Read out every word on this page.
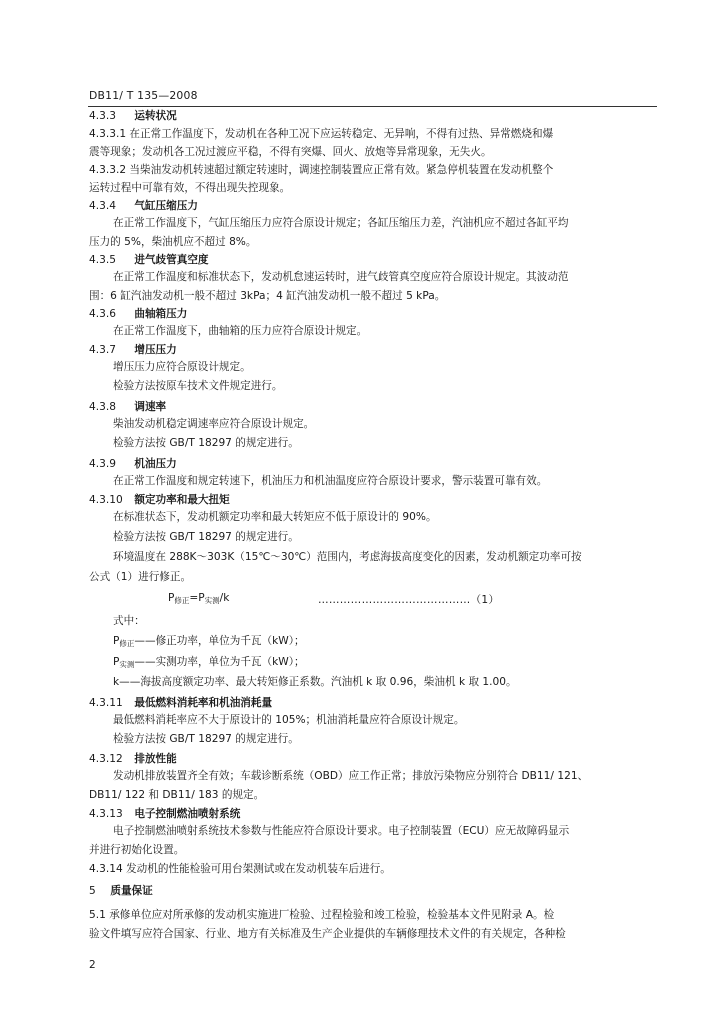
DB11/ T 135—2008
4.3.3 运转状况
4.3.3.1 在正常工作温度下，发动机在各种工况下应运转稳定、无异响，不得有过热、异常燃烧和爆
震等现象；发动机各工况过渡应平稳，不得有突爆、回火、放炮等异常现象，无失火。
4.3.3.2 当柴油发动机转速超过额定转速时，调速控制装置应正常有效。紧急停机装置在发动机整个
运转过程中可靠有效，不得出现失控现象。
4.3.4 气缸压缩压力
在正常工作温度下，气缸压缩压力应符合原设计规定；各缸压缩压力差，汽油机应不超过各缸平均
压力的 5%，柴油机应不超过 8%。
4.3.5 进气歧管真空度
在正常工作温度和标准状态下，发动机怠速运转时，进气歧管真空度应符合原设计规定。其波动范
围：6 缸汽油发动机一般不超过 3kPa；4 缸汽油发动机一般不超过 5 kPa。
4.3.6 曲轴箱压力
在正常工作温度下，曲轴箱的压力应符合原设计规定。
4.3.7 增压压力
增压压力应符合原设计规定。
检验方法按原车技术文件规定进行。
4.3.8 调速率
柴油发动机稳定调速率应符合原设计规定。
检验方法按 GB/T 18297 的规定进行。
4.3.9 机油压力
在正常工作温度和规定转速下，机油压力和机油温度应符合原设计要求，警示装置可靠有效。
4.3.10 额定功率和最大扭矩
在标准状态下，发动机额定功率和最大转矩应不低于原设计的 90%。
检验方法按 GB/T 18297 的规定进行。
环境温度在 288K～303K（15℃～30℃）范围内，考虑海拔高度变化的因素，发动机额定功率可按
公式（1）进行修正。
$P_{修正}=P_{实测}/k$	……………………………………（1）
式中：
$P_{修正}——$修正功率，单位为千瓦（kW）；
$P_{实测}——$实测功率，单位为千瓦（kW）；
k——海拔高度额定功率、最大转矩修正系数。汽油机 k 取 0.96，柴油机 k 取 1.00。
4.3.11 最低燃料消耗率和机油消耗量
最低燃料消耗率应不大于原设计的 105%；机油消耗量应符合原设计规定。
检验方法按 GB/T 18297 的规定进行。
4.3.12 排放性能
发动机排放装置齐全有效；车载诊断系统（OBD）应工作正常；排放污染物应分别符合 DB11/ 121、
DB11/ 122 和 DB11/ 183 的规定。
4.3.13 电子控制燃油喷射系统
电子控制燃油喷射系统技术参数与性能应符合原设计要求。电子控制装置（ECU）应无故障码显示
并进行初始化设置。
4.3.14 发动机的性能检验可用台架测试或在发动机装车后进行。
5 质量保证
5.1 承修单位应对所承修的发动机实施进厂检验、过程检验和竣工检验，检验基本文件见附录 A。检
验文件填写应符合国家、行业、地方有关标准及生产企业提供的车辆修理技术文件的有关规定，各种检
2
